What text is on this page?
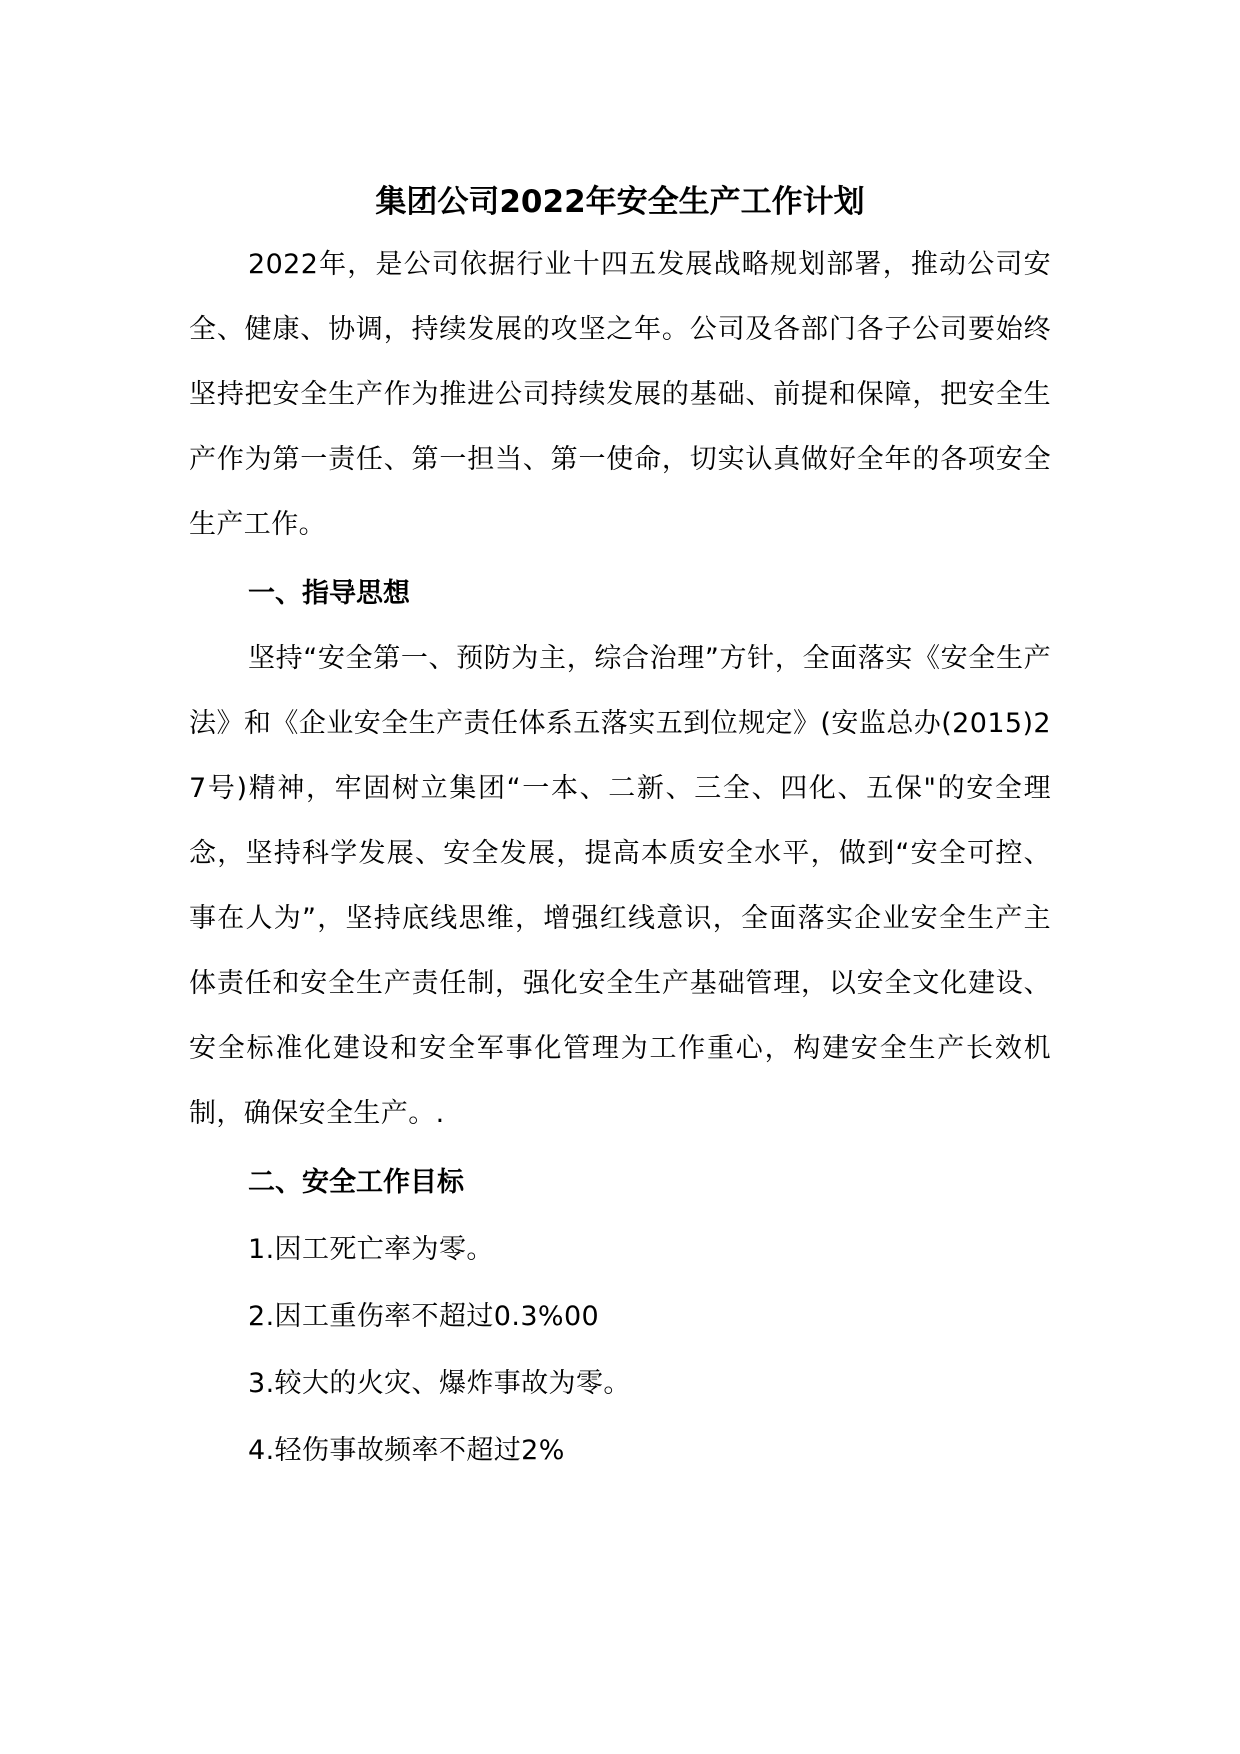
集团公司2022年安全生产工作计划

2022年，是公司依据行业十四五发展战略规划部署，推动公司安全、健康、协调，持续发展的攻坚之年。公司及各部门各子公司要始终坚持把安全生产作为推进公司持续发展的基础、前提和保障，把安全生产作为第一责任、第一担当、第一使命，切实认真做好全年的各项安全生产工作。

一、指导思想

坚持“安全第一、预防为主，综合治理”方针，全面落实《安全生产法》和《企业安全生产责任体系五落实五到位规定》(安监总办(2015)27号)精神，牢固树立集团“一本、二新、三全、四化、五保"的安全理念，坚持科学发展、安全发展，提高本质安全水平，做到“安全可控、事在人为”，坚持底线思维，增强红线意识，全面落实企业安全生产主体责任和安全生产责任制，强化安全生产基础管理，以安全文化建设、安全标准化建设和安全军事化管理为工作重心，构建安全生产长效机制，确保安全生产。.

二、安全工作目标

1.因工死亡率为零。

2.因工重伤率不超过0.3%00

3.较大的火灾、爆炸事故为零。

4.轻伤事故频率不超过2%
